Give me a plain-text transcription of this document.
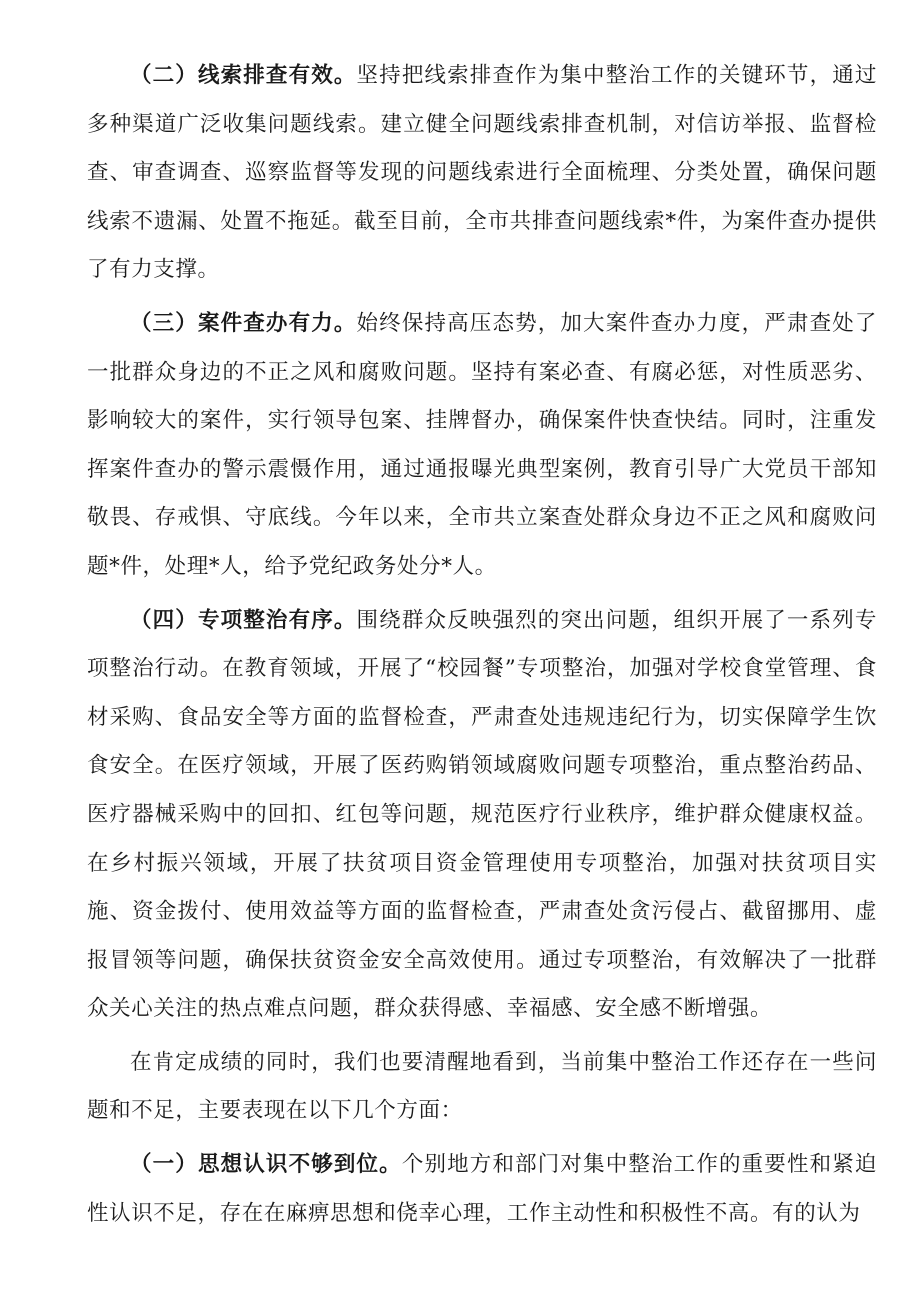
（二）线索排查有效。坚持把线索排查作为集中整治工作的关键环节，通过多种渠道广泛收集问题线索。建立健全问题线索排查机制，对信访举报、监督检查、审查调查、巡察监督等发现的问题线索进行全面梳理、分类处置，确保问题线索不遗漏、处置不拖延。截至目前，全市共排查问题线索*件，为案件查办提供了有力支撑。

（三）案件查办有力。始终保持高压态势，加大案件查办力度，严肃查处了一批群众身边的不正之风和腐败问题。坚持有案必查、有腐必惩，对性质恶劣、影响较大的案件，实行领导包案、挂牌督办，确保案件快查快结。同时，注重发挥案件查办的警示震慑作用，通过通报曝光典型案例，教育引导广大党员干部知敬畏、存戒惧、守底线。今年以来，全市共立案查处群众身边不正之风和腐败问题*件，处理*人，给予党纪政务处分*人。

（四）专项整治有序。围绕群众反映强烈的突出问题，组织开展了一系列专项整治行动。在教育领域，开展了“校园餐”专项整治，加强对学校食堂管理、食材采购、食品安全等方面的监督检查，严肃查处违规违纪行为，切实保障学生饮食安全。在医疗领域，开展了医药购销领域腐败问题专项整治，重点整治药品、医疗器械采购中的回扣、红包等问题，规范医疗行业秩序，维护群众健康权益。在乡村振兴领域，开展了扶贫项目资金管理使用专项整治，加强对扶贫项目实施、资金拨付、使用效益等方面的监督检查，严肃查处贪污侵占、截留挪用、虚报冒领等问题，确保扶贫资金安全高效使用。通过专项整治，有效解决了一批群众关心关注的热点难点问题，群众获得感、幸福感、安全感不断增强。

在肯定成绩的同时，我们也要清醒地看到，当前集中整治工作还存在一些问题和不足，主要表现在以下几个方面：

（一）思想认识不够到位。个别地方和部门对集中整治工作的重要性和紧迫性认识不足，存在在麻痹思想和侥幸心理，工作主动性和积极性不高。有的认为
